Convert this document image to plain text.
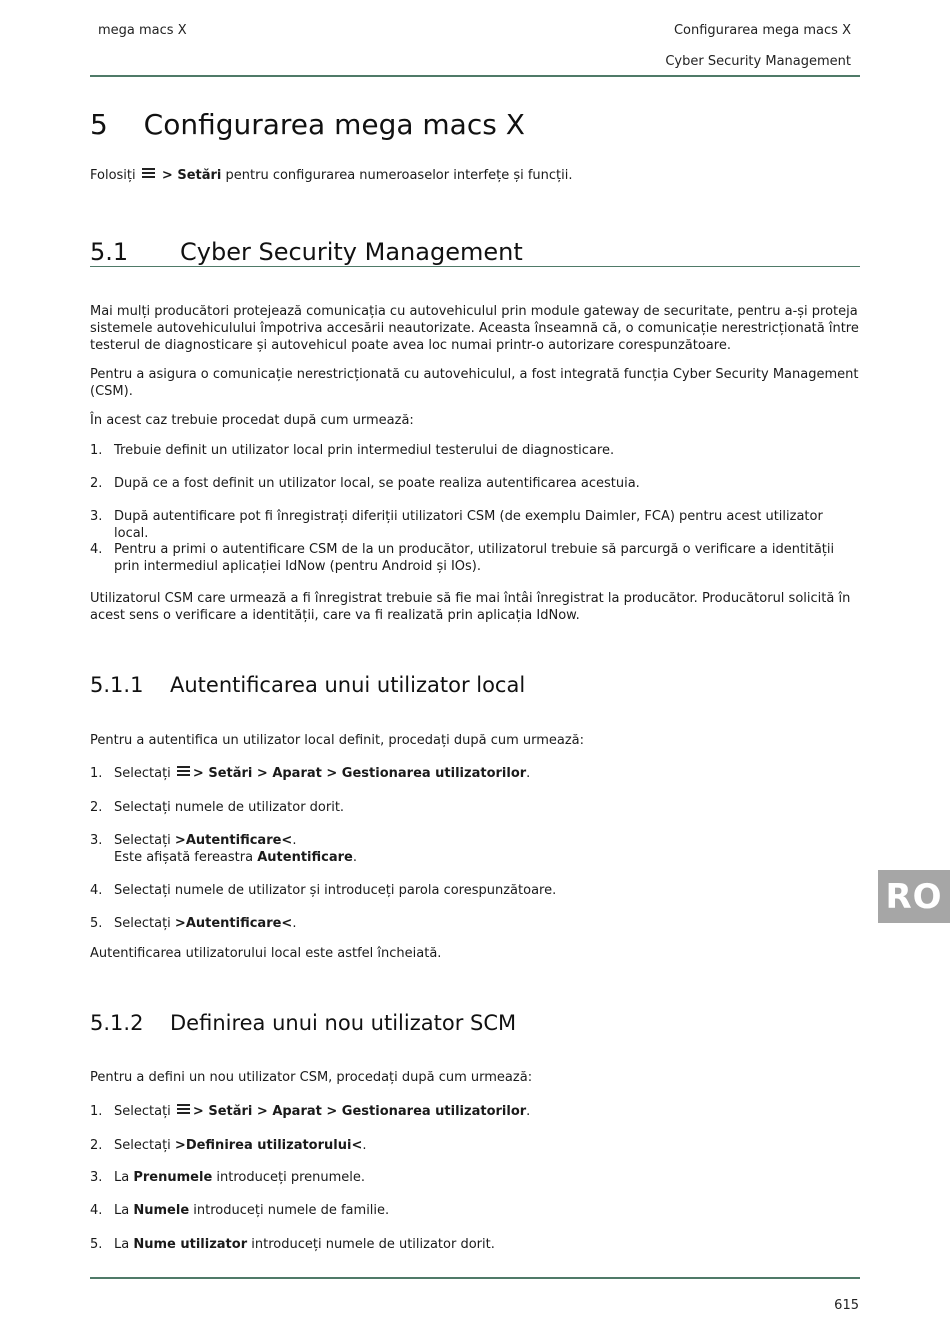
mega macs X	Configurarea mega macs X
Cyber Security Management
5 Configurarea mega macs X
Folosiți > Setări pentru configurarea numeroaselor interfețe și funcții.
5.1 Cyber Security Management
Mai mulți producători protejează comunicația cu autovehiculul prin module gateway de securitate, pentru a-și proteja sistemele autovehiculului împotriva accesării neautorizate. Aceasta înseamnă că, o comunicație nerestricționată între testerul de diagnosticare și autovehicul poate avea loc numai printr-o autorizare corespunzătoare.
Pentru a asigura o comunicație nerestricționată cu autovehiculul, a fost integrată funcția Cyber Security Management (CSM).
În acest caz trebuie procedat după cum urmează:
1. Trebuie definit un utilizator local prin intermediul testerului de diagnosticare.
2. După ce a fost definit un utilizator local, se poate realiza autentificarea acestuia.
3. După autentificare pot fi înregistrați diferiții utilizatori CSM (de exemplu Daimler, FCA) pentru acest utilizator local.
4. Pentru a primi o autentificare CSM de la un producător, utilizatorul trebuie să parcurgă o verificare a identității prin intermediul aplicației IdNow (pentru Android și IOs).
Utilizatorul CSM care urmează a fi înregistrat trebuie să fie mai întâi înregistrat la producător. Producătorul solicită în acest sens o verificare a identității, care va fi realizată prin aplicația IdNow.
5.1.1 Autentificarea unui utilizator local
Pentru a autentifica un utilizator local definit, procedați după cum urmează:
1. Selectați > Setări > Aparat > Gestionarea utilizatorilor.
2. Selectați numele de utilizator dorit.
3. Selectați >Autentificare<.
Este afișată fereastra Autentificare.
4. Selectați numele de utilizator și introduceți parola corespunzătoare.
5. Selectați >Autentificare<.
Autentificarea utilizatorului local este astfel încheiată.
5.1.2 Definirea unui nou utilizator SCM
Pentru a defini un nou utilizator CSM, procedați după cum urmează:
1. Selectați > Setări > Aparat > Gestionarea utilizatorilor.
2. Selectați >Definirea utilizatorului<.
3. La Prenumele introduceți prenumele.
4. La Numele introduceți numele de familie.
5. La Nume utilizator introduceți numele de utilizator dorit.
615
RO
